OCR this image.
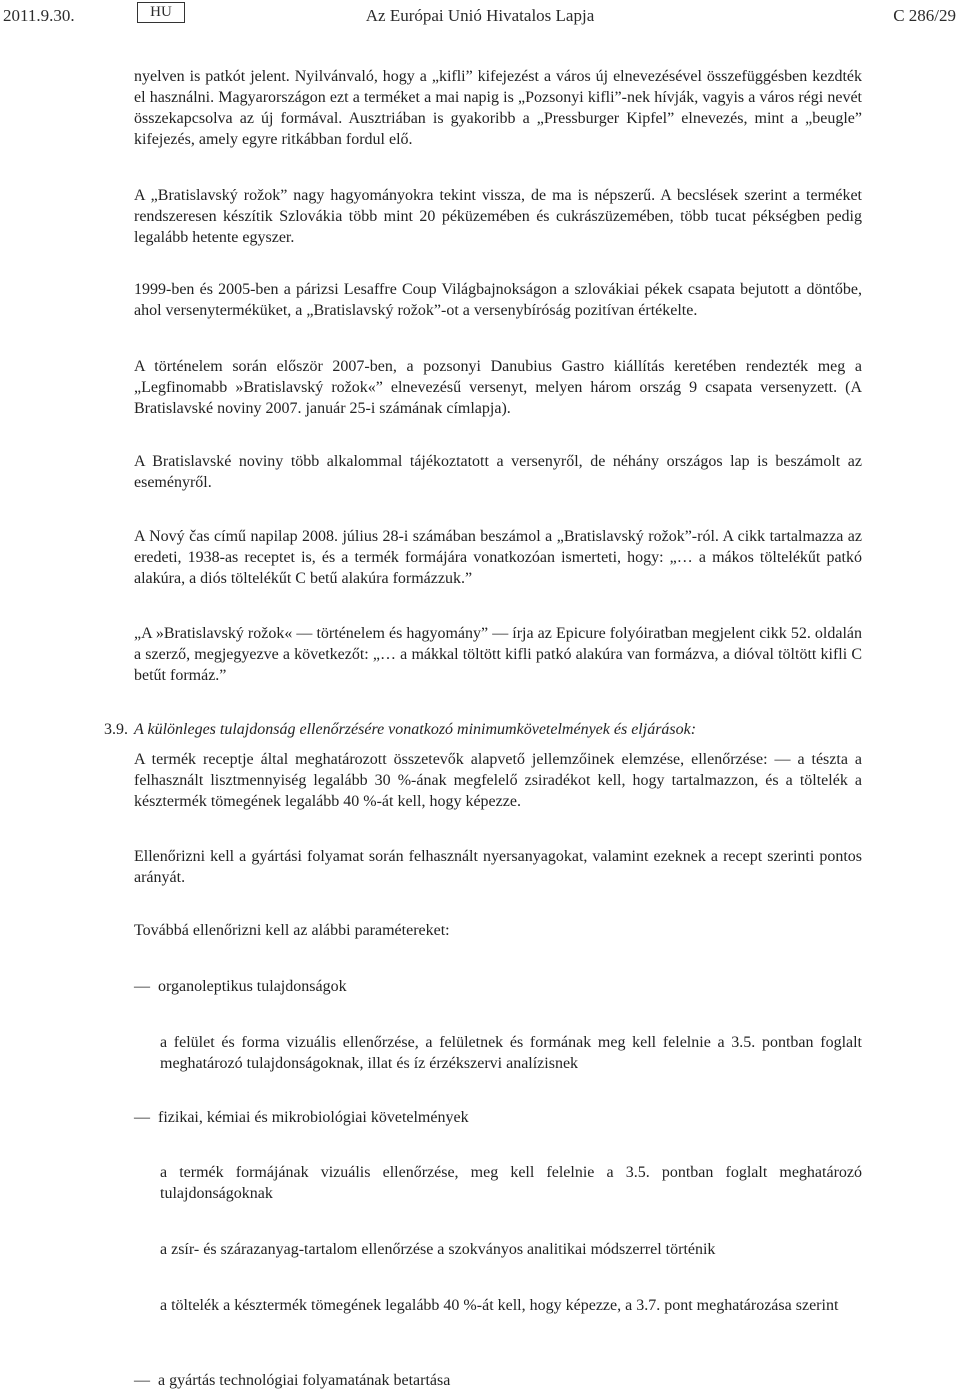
2011.9.30.	HU	Az Európai Unió Hivatalos Lapja	C 286/29

nyelven is patkót jelent. Nyilvánvaló, hogy a „kifli” kifejezést a város új elnevezésével összefüggésben kezdték el használni. Magyarországon ezt a terméket a mai napig is „Pozsonyi kifli”-nek hívják, vagyis a város régi nevét összekapcsolva az új formával. Ausztriában is gyakoribb a „Pressburger Kipfel” elnevezés, mint a „beugle” kifejezés, amely egyre ritkábban fordul elő.

A „Bratislavský rožok” nagy hagyományokra tekint vissza, de ma is népszerű. A becslések szerint a terméket rendszeresen készítik Szlovákia több mint 20 péküzemében és cukrászüzemében, több tucat pékségben pedig legalább hetente egyszer.

1999-ben és 2005-ben a párizsi Lesaffre Coup Világbajnokságon a szlovákiai pékek csapata bejutott a döntőbe, ahol versenyterméküket, a „Bratislavský rožok”-ot a versenybíróság pozitívan értékelte.

A történelem során először 2007-ben, a pozsonyi Danubius Gastro kiállítás keretében rendezték meg a „Legfinomabb »Bratislavský rožok«” elnevezésű versenyt, melyen három ország 9 csapata versenyzett. (A Bratislavské noviny 2007. január 25-i számának címlapja).

A Bratislavské noviny több alkalommal tájékoztatott a versenyről, de néhány országos lap is beszámolt az eseményről.

A Nový čas című napilap 2008. július 28-i számában beszámol a „Bratislavský rožok”-ról. A cikk tartalmazza az eredeti, 1938-as receptet is, és a termék formájára vonatkozóan ismerteti, hogy: „… a mákos töltelékűt patkó alakúra, a diós töltelékűt C betű alakúra formázzuk.”

„A »Bratislavský rožok« — történelem és hagyomány” — írja az Epicure folyóiratban megjelent cikk 52. oldalán a szerző, megjegyezve a következőt: „… a mákkal töltött kifli patkó alakúra van formázva, a dióval töltött kifli C betűt formáz.”

3.9. A különleges tulajdonság ellenőrzésére vonatkozó minimumkövetelmények és eljárások:

A termék receptje által meghatározott összetevők alapvető jellemzőinek elemzése, ellenőrzése: — a tészta a felhasznált lisztmennyiség legalább 30 %-ának megfelelő zsiradékot kell, hogy tartalmazzon, és a töltelék a késztermék tömegének legalább 40 %-át kell, hogy képezze.

Ellenőrizni kell a gyártási folyamat során felhasznált nyersanyagokat, valamint ezeknek a recept szerinti pontos arányát.

Továbbá ellenőrizni kell az alábbi paramétereket:

— organoleptikus tulajdonságok

a felület és forma vizuális ellenőrzése, a felületnek és formának meg kell felelnie a 3.5. pontban foglalt meghatározó tulajdonságoknak, illat és íz érzékszervi analízisnek

— fizikai, kémiai és mikrobiológiai követelmények

a termék formájának vizuális ellenőrzése, meg kell felelnie a 3.5. pontban foglalt meghatározó tulajdonságoknak

a zsír- és szárazanyag-tartalom ellenőrzése a szokványos analitikai módszerrel történik

a töltelék a késztermék tömegének legalább 40 %-át kell, hogy képezze, a 3.7. pont meghatározása szerint

— a gyártás technológiai folyamatának betartása
